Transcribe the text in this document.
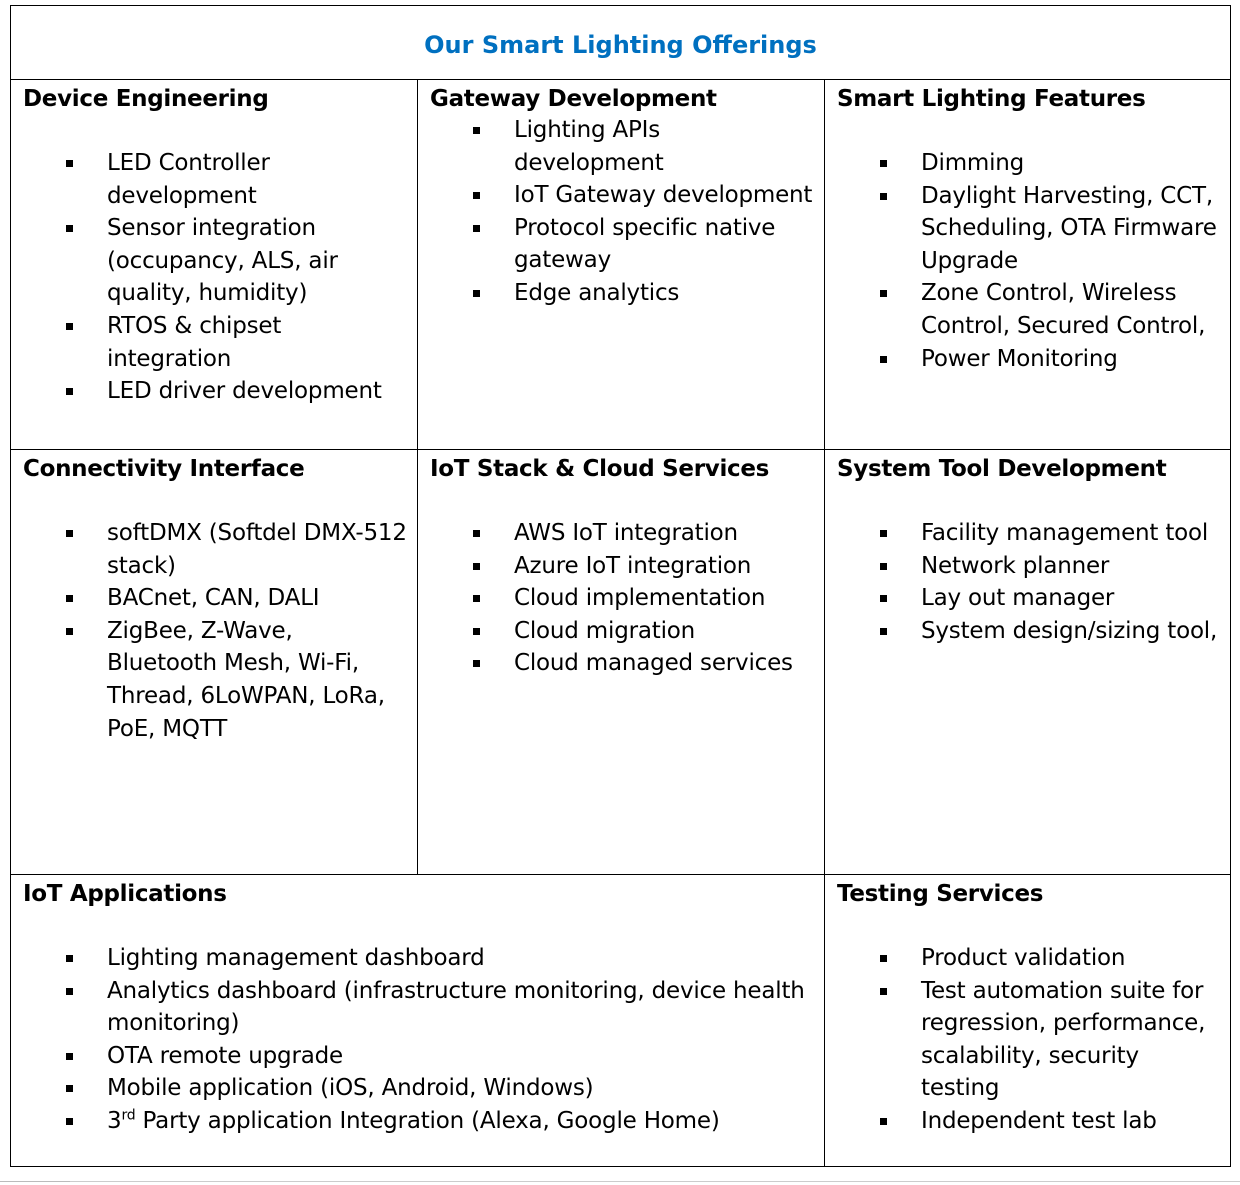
Our Smart Lighting Offerings
Device Engineering
LED Controller development
Sensor integration (occupancy, ALS, air quality, humidity)
RTOS & chipset integration
LED driver development
Gateway Development
Lighting APIs development
IoT Gateway development
Protocol specific native gateway
Edge analytics
Smart Lighting Features
Dimming
Daylight Harvesting, CCT, Scheduling, OTA Firmware Upgrade
Zone Control, Wireless Control, Secured Control,
Power Monitoring
Connectivity Interface
softDMX (Softdel DMX-512 stack)
BACnet, CAN, DALI
ZigBee, Z-Wave, Bluetooth Mesh, Wi-Fi, Thread, 6LoWPAN, LoRa, PoE, MQTT
IoT Stack & Cloud Services
AWS IoT integration
Azure IoT integration
Cloud implementation
Cloud migration
Cloud managed services
System Tool Development
Facility management tool
Network planner
Lay out manager
System design/sizing tool,
IoT Applications
Lighting management dashboard
Analytics dashboard (infrastructure monitoring, device health monitoring)
OTA remote upgrade
Mobile application (iOS, Android, Windows)
3rd Party application Integration (Alexa, Google Home)
Testing Services
Product validation
Test automation suite for regression, performance, scalability, security testing
Independent test lab
